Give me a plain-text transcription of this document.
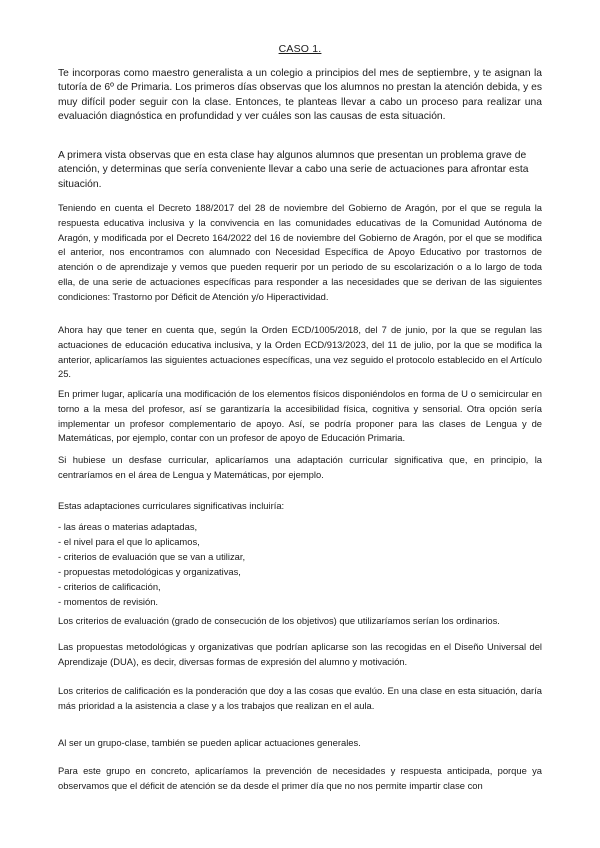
CASO 1.

Te incorporas como maestro generalista a un colegio a principios del mes de septiembre, y te asignan la tutoría de 6º de Primaria. Los primeros días observas que los alumnos no prestan la atención debida, y es muy difícil poder seguir con la clase. Entonces, te planteas llevar a cabo un proceso para realizar una evaluación diagnóstica en profundidad y ver cuáles son las causas de esta situación.

A primera vista observas que en esta clase hay algunos alumnos que presentan un problema grave de atención, y determinas que sería conveniente llevar a cabo una serie de actuaciones para afrontar esta situación.

Teniendo en cuenta el Decreto 188/2017 del 28 de noviembre del Gobierno de Aragón, por el que se regula la respuesta educativa inclusiva y la convivencia en las comunidades educativas de la Comunidad Autónoma de Aragón, y modificada por el Decreto 164/2022 del 16 de noviembre del Gobierno de Aragón, por el que se modifica el anterior, nos encontramos con alumnado con Necesidad Específica de Apoyo Educativo por trastornos de atención o de aprendizaje y vemos que pueden requerir por un periodo de su escolarización o a lo largo de toda ella, de una serie de actuaciones específicas para responder a las necesidades que se derivan de las siguientes condiciones: Trastorno por Déficit de Atención y/o Hiperactividad.

Ahora hay que tener en cuenta que, según la Orden ECD/1005/2018, del 7 de junio, por la que se regulan las actuaciones de educación educativa inclusiva, y la Orden ECD/913/2023, del 11 de julio, por la que se modifica la anterior, aplicaríamos las siguientes actuaciones específicas, una vez seguido el protocolo establecido en el Artículo 25.

En primer lugar, aplicaría una modificación de los elementos físicos disponiéndolos en forma de U o semicircular en torno a la mesa del profesor, así se garantizaría la accesibilidad física, cognitiva y sensorial. Otra opción sería implementar un profesor complementario de apoyo. Así, se podría proponer para las clases de Lengua y de Matemáticas, por ejemplo, contar con un profesor de apoyo de Educación Primaria.

Si hubiese un desfase curricular, aplicaríamos una adaptación curricular significativa que, en principio, la centraríamos en el área de Lengua y Matemáticas, por ejemplo.

Estas adaptaciones curriculares significativas incluiría:

- las áreas o materias adaptadas,
- el nivel para el que lo aplicamos,
- criterios de evaluación que se van a utilizar,
- propuestas metodológicas y organizativas,
- criterios de calificación,
- momentos de revisión.

Los criterios de evaluación (grado de consecución de los objetivos) que utilizaríamos serían los ordinarios.

Las propuestas metodológicas y organizativas que podrían aplicarse son las recogidas en el Diseño Universal del Aprendizaje (DUA), es decir, diversas formas de expresión del alumno y motivación.

Los criterios de calificación es la ponderación que doy a las cosas que evalúo. En una clase en esta situación, daría más prioridad a la asistencia a clase y a los trabajos que realizan en el aula.

Al ser un grupo-clase, también se pueden aplicar actuaciones generales.

Para este grupo en concreto, aplicaríamos la prevención de necesidades y respuesta anticipada, porque ya observamos que el déficit de atención se da desde el primer día que no nos permite impartir clase con
